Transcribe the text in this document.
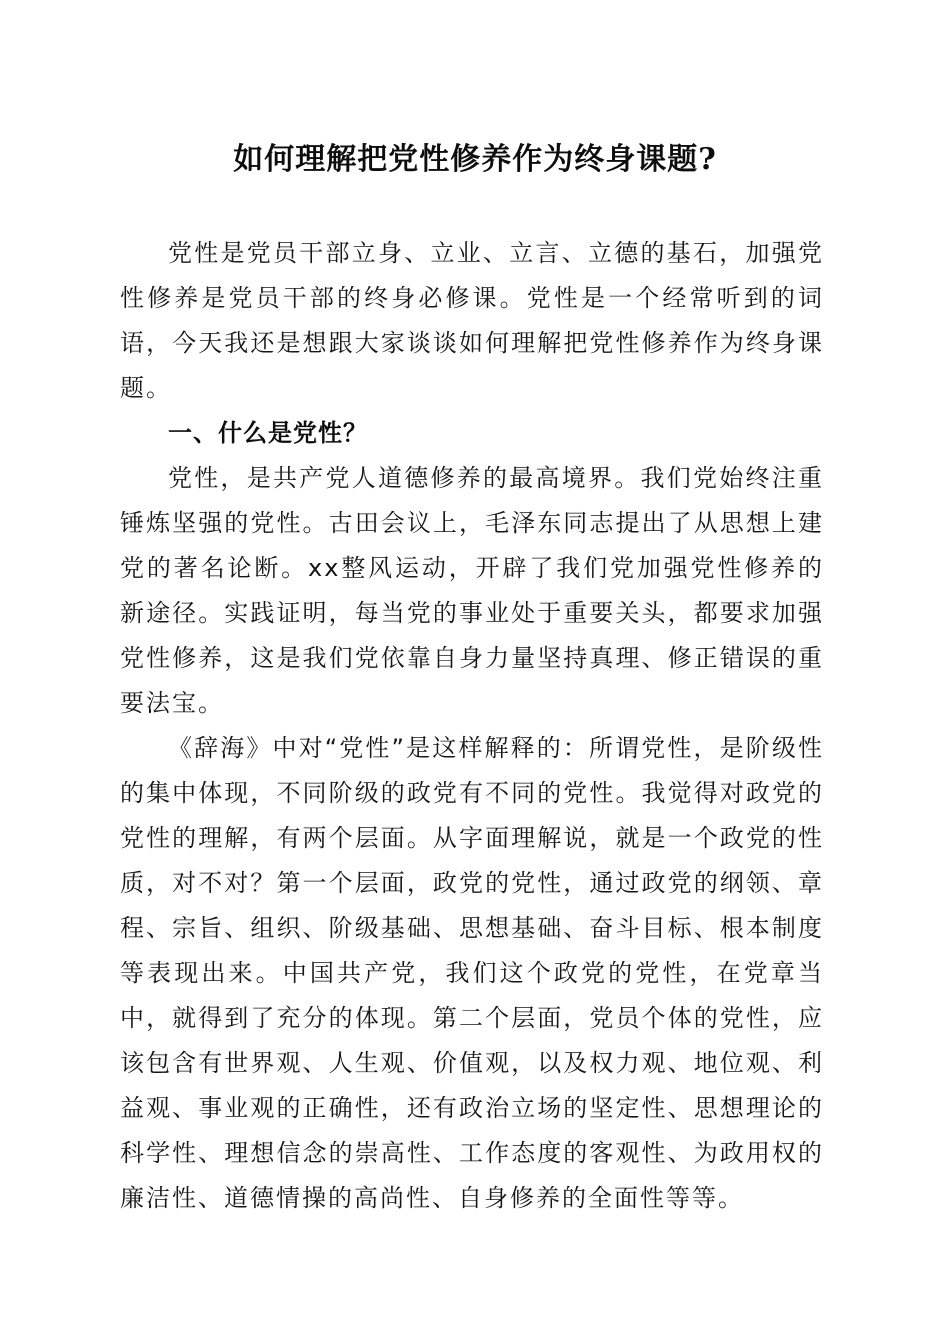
如何理解把党性修养作为终身课题?

党性是党员干部立身、立业、立言、立德的基石，加强党性修养是党员干部的终身必修课。党性是一个经常听到的词语，今天我还是想跟大家谈谈如何理解把党性修养作为终身课题。

一、什么是党性？

党性，是共产党人道德修养的最高境界。我们党始终注重锤炼坚强的党性。古田会议上，毛泽东同志提出了从思想上建党的著名论断。xx整风运动，开辟了我们党加强党性修养的新途径。实践证明，每当党的事业处于重要关头，都要求加强党性修养，这是我们党依靠自身力量坚持真理、修正错误的重要法宝。

《辞海》中对“党性”是这样解释的：所谓党性，是阶级性的集中体现，不同阶级的政党有不同的党性。我觉得对政党的党性的理解，有两个层面。从字面理解说，就是一个政党的性质，对不对？第一个层面，政党的党性，通过政党的纲领、章程、宗旨、组织、阶级基础、思想基础、奋斗目标、根本制度等表现出来。中国共产党，我们这个政党的党性，在党章当中，就得到了充分的体现。第二个层面，党员个体的党性，应该包含有世界观、人生观、价值观，以及权力观、地位观、利益观、事业观的正确性，还有政治立场的坚定性、思想理论的科学性、理想信念的崇高性、工作态度的客观性、为政用权的廉洁性、道德情操的高尚性、自身修养的全面性等等。
